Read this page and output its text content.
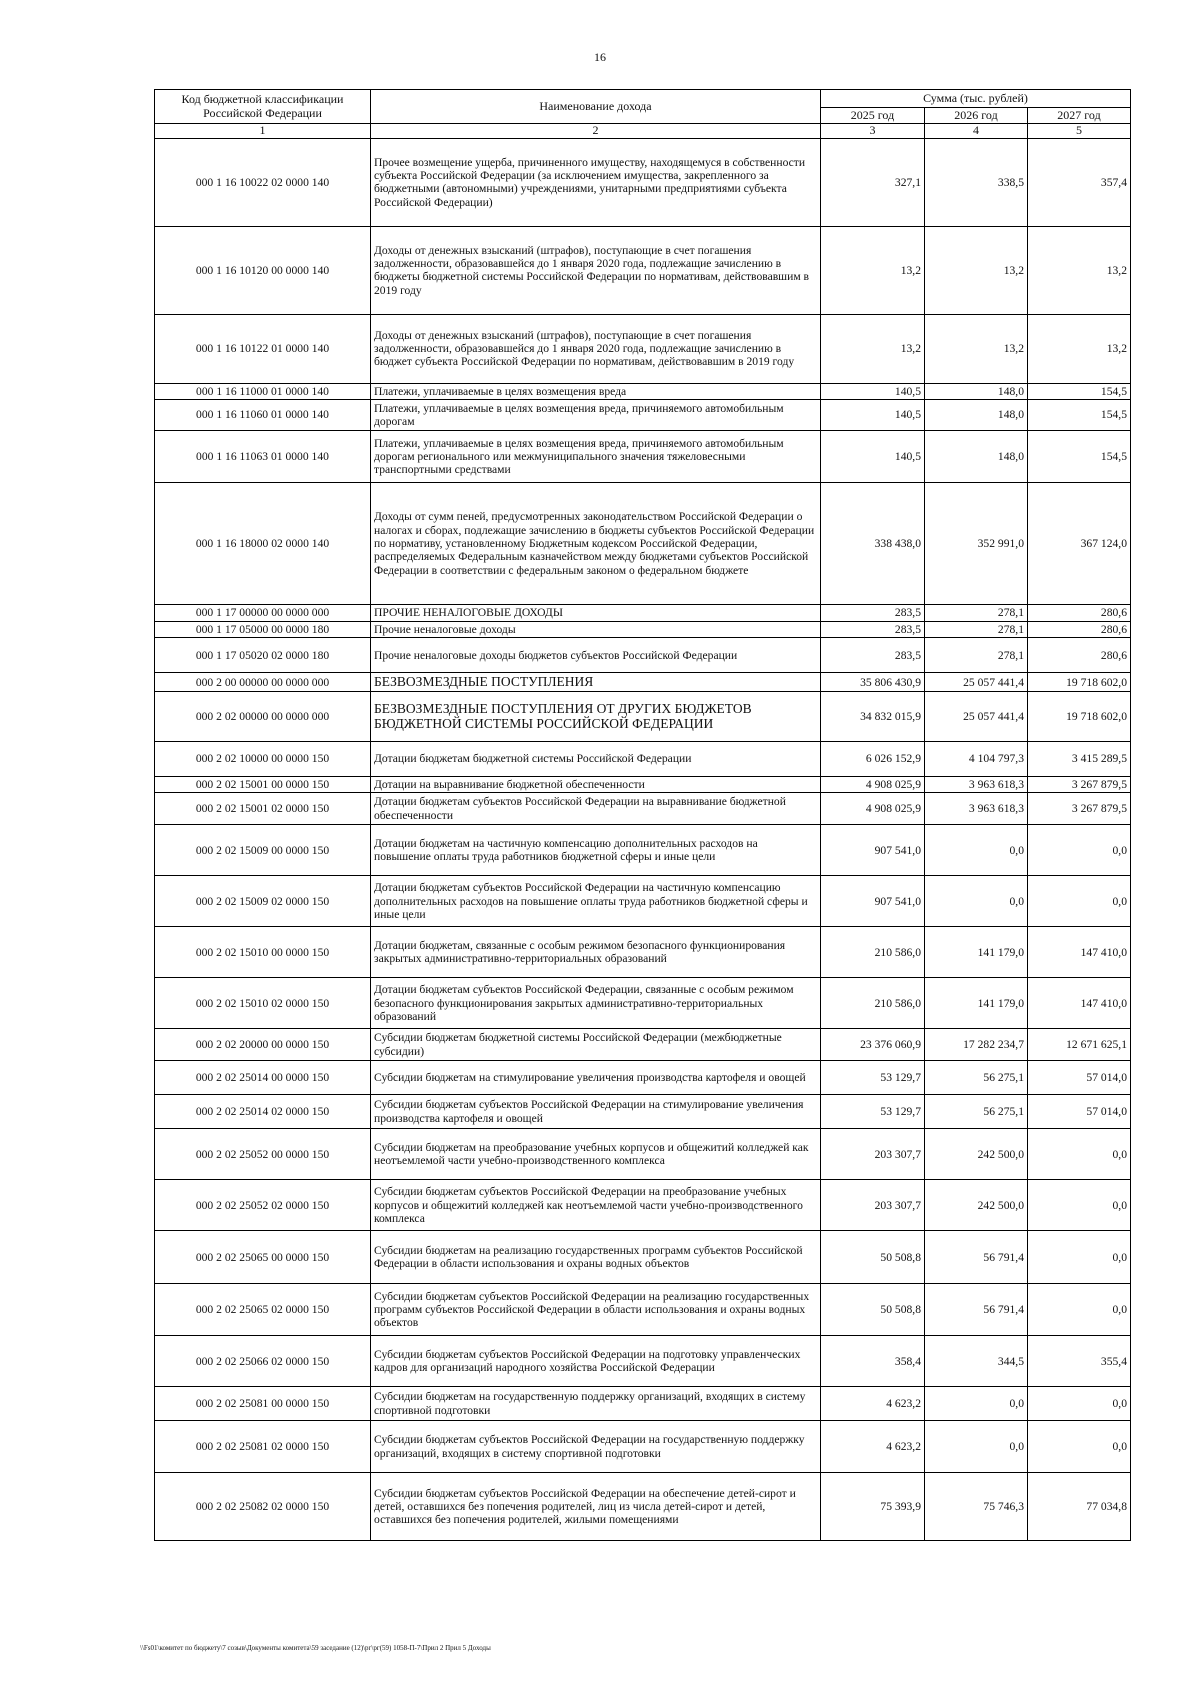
16
Код бюджетной классификации Российской Федерации	Наименование дохода	Сумма (тыс. рублей)		
		2025 год	2026 год	2027 год
1	2	3	4	5
000 1 16 10022 02 0000 140	Прочее возмещение ущерба, причиненного имуществу, находящемуся в собственности субъекта Российской Федерации (за исключением имущества, закрепленного за бюджетными (автономными) учреждениями, унитарными предприятиями субъекта Российской Федерации)	327,1	338,5	357,4
000 1 16 10120 00 0000 140	Доходы от денежных взысканий (штрафов), поступающие в счет погашения задолженности, образовавшейся до 1 января 2020 года, подлежащие зачислению в бюджеты бюджетной системы Российской Федерации по нормативам, действовавшим в 2019 году	13,2	13,2	13,2
000 1 16 10122 01 0000 140	Доходы от денежных взысканий (штрафов), поступающие в счет погашения задолженности, образовавшейся до 1 января 2020 года, подлежащие зачислению в бюджет субъекта Российской Федерации по нормативам, действовавшим в 2019 году	13,2	13,2	13,2
000 1 16 11000 01 0000 140	Платежи, уплачиваемые в целях возмещения вреда	140,5	148,0	154,5
000 1 16 11060 01 0000 140	Платежи, уплачиваемые в целях возмещения вреда, причиняемого автомобильным дорогам	140,5	148,0	154,5
000 1 16 11063 01 0000 140	Платежи, уплачиваемые в целях возмещения вреда, причиняемого автомобильным дорогам регионального или межмуниципального значения тяжеловесными транспортными средствами	140,5	148,0	154,5
000 1 16 18000 02 0000 140	Доходы от сумм пеней, предусмотренных законодательством Российской Федерации о налогах и сборах, подлежащие зачислению в бюджеты субъектов Российской Федерации по нормативу, установленному Бюджетным кодексом Российской Федерации, распределяемых Федеральным казначейством между бюджетами субъектов Российской Федерации в соответствии с федеральным законом о федеральном бюджете	338 438,0	352 991,0	367 124,0
000 1 17 00000 00 0000 000	ПРОЧИЕ НЕНАЛОГОВЫЕ ДОХОДЫ	283,5	278,1	280,6
000 1 17 05000 00 0000 180	Прочие неналоговые доходы	283,5	278,1	280,6
000 1 17 05020 02 0000 180	Прочие неналоговые доходы бюджетов субъектов Российской Федерации	283,5	278,1	280,6
000 2 00 00000 00 0000 000	БЕЗВОЗМЕЗДНЫЕ ПОСТУПЛЕНИЯ	35 806 430,9	25 057 441,4	19 718 602,0
000 2 02 00000 00 0000 000	БЕЗВОЗМЕЗДНЫЕ ПОСТУПЛЕНИЯ ОТ ДРУГИХ БЮДЖЕТОВ БЮДЖЕТНОЙ СИСТЕМЫ РОССИЙСКОЙ ФЕДЕРАЦИИ	34 832 015,9	25 057 441,4	19 718 602,0
000 2 02 10000 00 0000 150	Дотации бюджетам бюджетной системы Российской Федерации	6 026 152,9	4 104 797,3	3 415 289,5
000 2 02 15001 00 0000 150	Дотации на выравнивание бюджетной обеспеченности	4 908 025,9	3 963 618,3	3 267 879,5
000 2 02 15001 02 0000 150	Дотации бюджетам субъектов Российской Федерации на выравнивание бюджетной обеспеченности	4 908 025,9	3 963 618,3	3 267 879,5
000 2 02 15009 00 0000 150	Дотации бюджетам на частичную компенсацию дополнительных расходов на повышение оплаты труда работников бюджетной сферы и иные цели	907 541,0	0,0	0,0
000 2 02 15009 02 0000 150	Дотации бюджетам субъектов Российской Федерации на частичную компенсацию дополнительных расходов на повышение оплаты труда работников бюджетной сферы и иные цели	907 541,0	0,0	0,0
000 2 02 15010 00 0000 150	Дотации бюджетам, связанные с особым режимом безопасного функционирования закрытых административно-территориальных образований	210 586,0	141 179,0	147 410,0
000 2 02 15010 02 0000 150	Дотации бюджетам субъектов Российской Федерации, связанные с особым режимом безопасного функционирования закрытых административно-территориальных образований	210 586,0	141 179,0	147 410,0
000 2 02 20000 00 0000 150	Субсидии бюджетам бюджетной системы Российской Федерации (межбюджетные субсидии)	23 376 060,9	17 282 234,7	12 671 625,1
000 2 02 25014 00 0000 150	Субсидии бюджетам на стимулирование увеличения производства картофеля и овощей	53 129,7	56 275,1	57 014,0
000 2 02 25014 02 0000 150	Субсидии бюджетам субъектов Российской Федерации на стимулирование увеличения производства картофеля и овощей	53 129,7	56 275,1	57 014,0
000 2 02 25052 00 0000 150	Субсидии бюджетам на преобразование учебных корпусов и общежитий колледжей как неотъемлемой части учебно-производственного комплекса	203 307,7	242 500,0	0,0
000 2 02 25052 02 0000 150	Субсидии бюджетам субъектов Российской Федерации на преобразование учебных корпусов и общежитий колледжей как неотъемлемой части учебно-производственного комплекса	203 307,7	242 500,0	0,0
000 2 02 25065 00 0000 150	Субсидии бюджетам на реализацию государственных программ субъектов Российской Федерации в области использования и охраны водных объектов	50 508,8	56 791,4	0,0
000 2 02 25065 02 0000 150	Субсидии бюджетам субъектов Российской Федерации на реализацию государственных программ субъектов Российской Федерации в области использования и охраны водных объектов	50 508,8	56 791,4	0,0
000 2 02 25066 02 0000 150	Субсидии бюджетам субъектов Российской Федерации на подготовку управленческих кадров для организаций народного хозяйства Российской Федерации	358,4	344,5	355,4
000 2 02 25081 00 0000 150	Субсидии бюджетам на государственную поддержку организаций, входящих в систему спортивной подготовки	4 623,2	0,0	0,0
000 2 02 25081 02 0000 150	Субсидии бюджетам субъектов Российской Федерации на государственную поддержку организаций, входящих в систему спортивной подготовки	4 623,2	0,0	0,0
000 2 02 25082 02 0000 150	Субсидии бюджетам субъектов Российской Федерации на обеспечение детей-сирот и детей, оставшихся без попечения родителей, лиц из числа детей-сирот и детей, оставшихся без попечения родителей, жилыми помещениями	75 393,9	75 746,3	77 034,8
\\Fs01\комитет по бюджету\7 созыв\Документы комитета\59 заседание (12)\рг\рг(59) 1058-П-7\Прил 2 Прил 5 Доходы
